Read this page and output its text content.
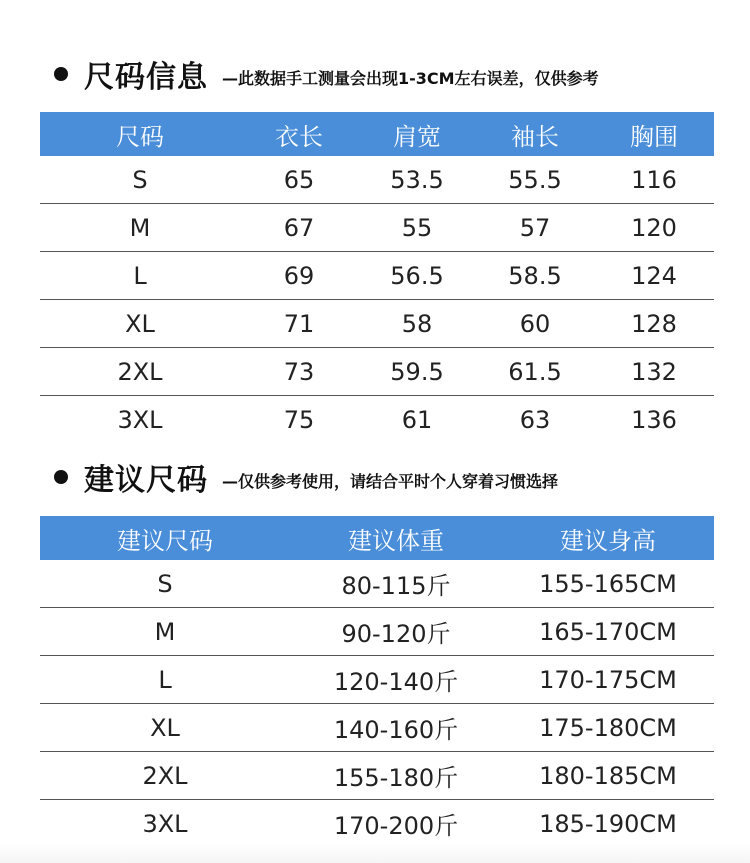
尺码信息 —此数据手工测量会出现1-3CM左右误差，仅供参考
尺码	衣长	肩宽	袖长	胸围
S	65	53.5	55.5	116
M	67	55	57	120
L	69	56.5	58.5	124
XL	71	58	60	128
2XL	73	59.5	61.5	132
3XL	75	61	63	136
建议尺码 —仅供参考使用，请结合平时个人穿着习惯选择
建议尺码	建议体重	建议身高
S	80-115斤	155-165CM
M	90-120斤	165-170CM
L	120-140斤	170-175CM
XL	140-160斤	175-180CM
2XL	155-180斤	180-185CM
3XL	170-200斤	185-190CM
